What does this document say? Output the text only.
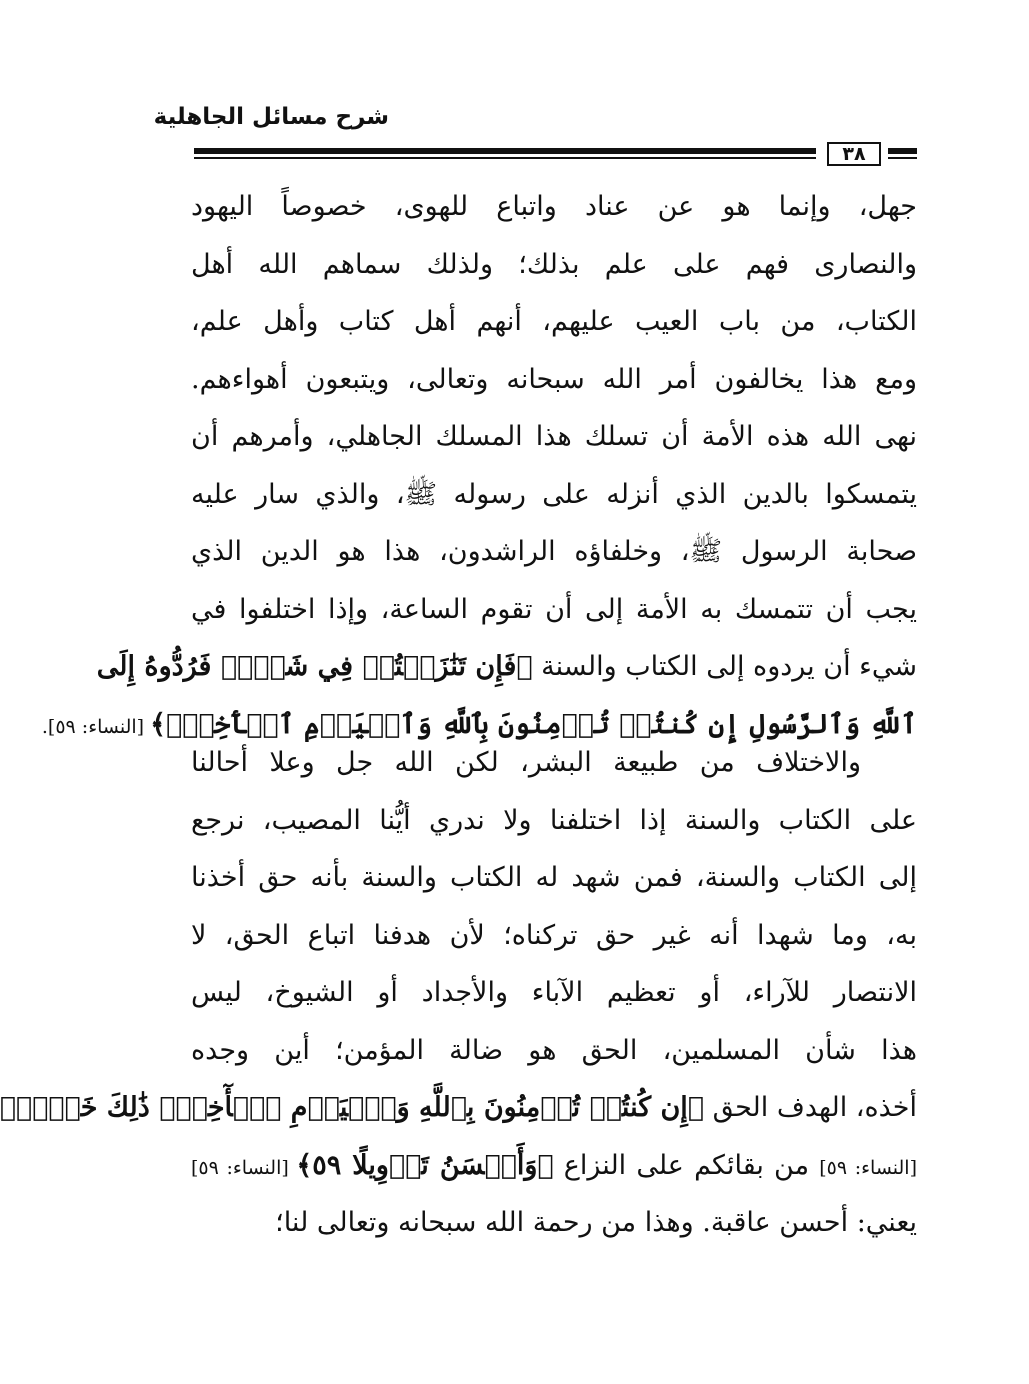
شرح مسائل الجاهلية
٣٨
جهل، وإنما هو عن عناد واتباع للهوى، خصوصاً اليهود
والنصارى فهم على علم بذلك؛ ولذلك سماهم الله أهل
الكتاب، من باب العيب عليهم، أنهم أهل كتاب وأهل علم،
ومع هذا يخالفون أمر الله سبحانه وتعالى، ويتبعون أهواءهم.
نهى الله هذه الأمة أن تسلك هذا المسلك الجاهلي، وأمرهم أن
يتمسكوا بالدين الذي أنزله على رسوله ﷺ، والذي سار عليه
صحابة الرسول ﷺ، وخلفاؤه الراشدون، هذا هو الدين الذي
يجب أن تتمسك به الأمة إلى أن تقوم الساعة، وإذا اختلفوا في
شيء أن يردوه إلى الكتاب والسنة ﴿فَإِن تَنَٰزَعۡتُمۡ فِي شَيۡءٖ فَرُدُّوهُ إِلَى
ٱللَّهِ وَٱلرَّسُولِ إِن كُنتُمۡ تُؤۡمِنُونَ بِٱللَّهِ وَٱلۡيَوۡمِ ٱلۡأٓخِرِۚ﴾ [النساء: ٥٩].
والاختلاف من طبيعة البشر، لكن الله جل وعلا أحالنا
على الكتاب والسنة إذا اختلفنا ولا ندري أيُّنا المصيب، نرجع
إلى الكتاب والسنة، فمن شهد له الكتاب والسنة بأنه حق أخذنا
به، وما شهدا أنه غير حق تركناه؛ لأن هدفنا اتباع الحق، لا
الانتصار للآراء، أو تعظيم الآباء والأجداد أو الشيوخ، ليس
هذا شأن المسلمين، الحق هو ضالة المؤمن؛ أين وجده
أخذه، الهدف الحق ﴿إِن كُنتُمۡ تُؤۡمِنُونَ بِٱللَّهِ وَٱلۡيَوۡمِ ٱلۡأٓخِرِۚ ذَٰلِكَ خَيۡرٞ﴾
[النساء: ٥٩] من بقائكم على النزاع ﴿وَأَحۡسَنُ تَأۡوِيلًا ٥٩﴾ [النساء: ٥٩]
يعني: أحسن عاقبة. وهذا من رحمة الله سبحانه وتعالى لنا؛
